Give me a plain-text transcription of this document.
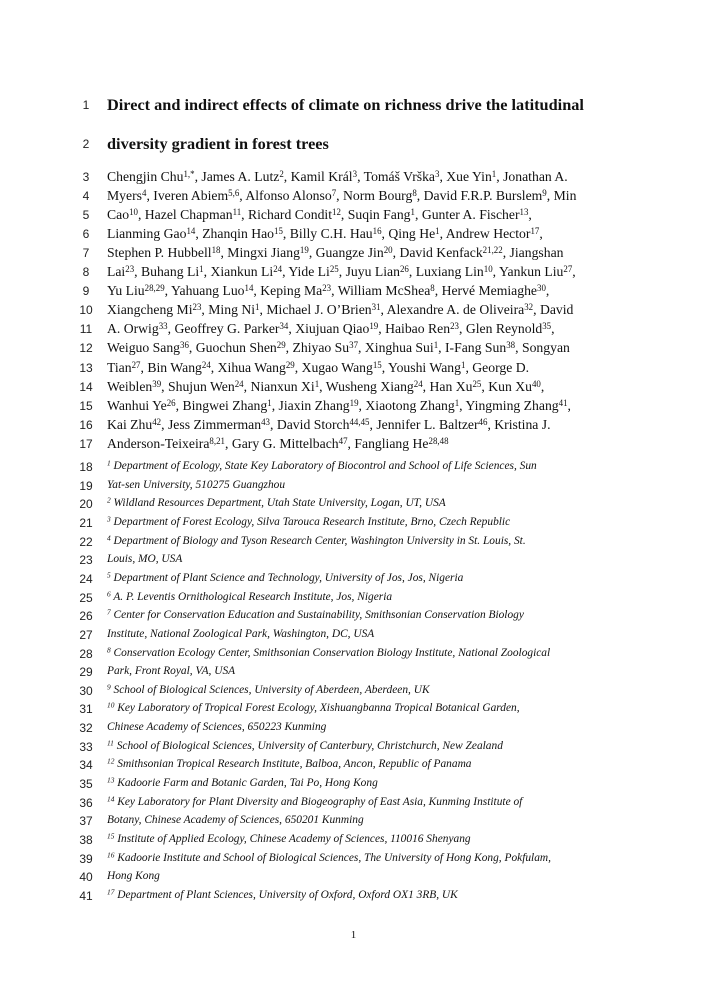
1	Direct and indirect effects of climate on richness drive the latitudinal
2	diversity gradient in forest trees
3	Chengjin Chu$^{1,*}$, James A. Lutz$^2$, Kamil Král$^3$, Tomáš Vrška$^3$, Xue Yin$^1$, Jonathan A.
4	Myers$^4$, Iveren Abiem$^{5,6}$, Alfonso Alonso$^7$, Norm Bourg$^8$, David F.R.P. Burslem$^9$, Min
5	Cao$^{10}$, Hazel Chapman$^{11}$, Richard Condit$^{12}$, Suqin Fang$^1$, Gunter A. Fischer$^{13}$,
6	Lianming Gao$^{14}$, Zhanqin Hao$^{15}$, Billy C.H. Hau$^{16}$, Qing He$^1$, Andrew Hector$^{17}$,
7	Stephen P. Hubbell$^{18}$, Mingxi Jiang$^{19}$, Guangze Jin$^{20}$, David Kenfack$^{21,22}$, Jiangshan
8	Lai$^{23}$, Buhang Li$^1$, Xiankun Li$^{24}$, Yide Li$^{25}$, Juyu Lian$^{26}$, Luxiang Lin$^{10}$, Yankun Liu$^{27}$,
9	Yu Liu$^{28,29}$, Yahuang Luo$^{14}$, Keping Ma$^{23}$, William McShea$^8$, Hervé Memiaghe$^{30}$,
10	Xiangcheng Mi$^{23}$, Ming Ni$^1$, Michael J. O’Brien$^{31}$, Alexandre A. de Oliveira$^{32}$, David
11	A. Orwig$^{33}$, Geoffrey G. Parker$^{34}$, Xiujuan Qiao$^{19}$, Haibao Ren$^{23}$, Glen Reynold$^{35}$,
12	Weiguo Sang$^{36}$, Guochun Shen$^{29}$, Zhiyao Su$^{37}$, Xinghua Sui$^1$, I-Fang Sun$^{38}$, Songyan
13	Tian$^{27}$, Bin Wang$^{24}$, Xihua Wang$^{29}$, Xugao Wang$^{15}$, Youshi Wang$^1$, George D.
14	Weiblen$^{39}$, Shujun Wen$^{24}$, Nianxun Xi$^1$, Wusheng Xiang$^{24}$, Han Xu$^{25}$, Kun Xu$^{40}$,
15	Wanhui Ye$^{26}$, Bingwei Zhang$^1$, Jiaxin Zhang$^{19}$, Xiaotong Zhang$^1$, Yingming Zhang$^{41}$,
16	Kai Zhu$^{42}$, Jess Zimmerman$^{43}$, David Storch$^{44,45}$, Jennifer L. Baltzer$^{46}$, Kristina J.
17	Anderson-Teixeira$^{8,21}$, Gary G. Mittelbach$^{47}$, Fangliang He$^{28,48}$
18	$^1$ Department of Ecology, State Key Laboratory of Biocontrol and School of Life Sciences, Sun
19	Yat-sen University, 510275 Guangzhou
20	$^2$ Wildland Resources Department, Utah State University, Logan, UT, USA
21	$^3$ Department of Forest Ecology, Silva Tarouca Research Institute, Brno, Czech Republic
22	$^4$ Department of Biology and Tyson Research Center, Washington University in St. Louis, St.
23	Louis, MO, USA
24	$^5$ Department of Plant Science and Technology, University of Jos, Jos, Nigeria
25	$^6$ A. P. Leventis Ornithological Research Institute, Jos, Nigeria
26	$^7$ Center for Conservation Education and Sustainability, Smithsonian Conservation Biology
27	Institute, National Zoological Park, Washington, DC, USA
28	$^8$ Conservation Ecology Center, Smithsonian Conservation Biology Institute, National Zoological
29	Park, Front Royal, VA, USA
30	$^9$ School of Biological Sciences, University of Aberdeen, Aberdeen, UK
31	$^{10}$ Key Laboratory of Tropical Forest Ecology, Xishuangbanna Tropical Botanical Garden,
32	Chinese Academy of Sciences, 650223 Kunming
33	$^{11}$ School of Biological Sciences, University of Canterbury, Christchurch, New Zealand
34	$^{12}$ Smithsonian Tropical Research Institute, Balboa, Ancon, Republic of Panama
35	$^{13}$ Kadoorie Farm and Botanic Garden, Tai Po, Hong Kong
36	$^{14}$ Key Laboratory for Plant Diversity and Biogeography of East Asia, Kunming Institute of
37	Botany, Chinese Academy of Sciences, 650201 Kunming
38	$^{15}$ Institute of Applied Ecology, Chinese Academy of Sciences, 110016 Shenyang
39	$^{16}$ Kadoorie Institute and School of Biological Sciences, The University of Hong Kong, Pokfulam,
40	Hong Kong
41	$^{17}$ Department of Plant Sciences, University of Oxford, Oxford OX1 3RB, UK
1
